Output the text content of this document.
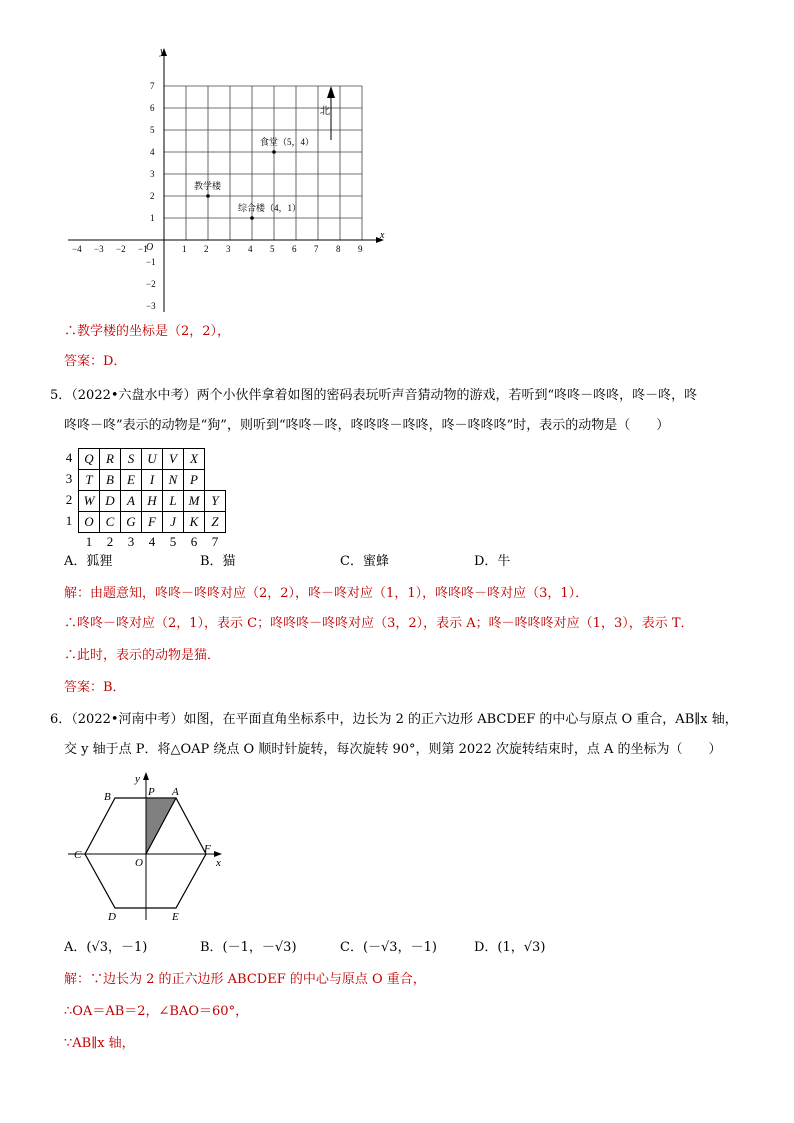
x
y
O
−4 −3 −2 −1	1 2 3 4 5 6 7 8 9
1
2
3
4
5
6
7
−1
−2
−3
北
教学楼
综合楼（4，1）
食堂（5，4）
∴教学楼的坐标是（2，2），
答案：D．
5．（2022•六盘水中考）两个小伙伴拿着如图的密码表玩听声音猜动物的游戏，若听到“咚咚－咚咚，咚－咚，咚
咚咚－咚”表示的动物是“狗”，则听到“咚咚－咚，咚咚咚－咚咚，咚－咚咚咚”时，表示的动物是（　　）
4
3
2
1
Q	R	S	U	V	X	
T	B	E	I	N	P	
W	D	A	H	L	M	Y
O	C	G	F	J	K	Z
1	2	3	4	5	6	7
A．狐狸	B．猫	C．蜜蜂	D．牛
解：由题意知，咚咚－咚咚对应（2，2），咚－咚对应（1，1），咚咚咚－咚对应（3，1）．
∴咚咚－咚对应（2，1），表示 C；咚咚咚－咚咚对应（3，2），表示 A；咚－咚咚咚对应（1，3），表示 T．
∴此时，表示的动物是猫．
答案：B．
6．（2022•河南中考）如图，在平面直角坐标系中，边长为 2 的正六边形 ABCDEF 的中心与原点 O 重合，AB∥x 轴，
交 y 轴于点 P．将△OAP 绕点 O 顺时针旋转，每次旋转 90°，则第 2022 次旋转结束时，点 A 的坐标为（　　）
y
x
B	P A
C	F
O
D	E
A．(√3，－1)	B．(－1，－√3)	C．(－√3，－1)	D．(1，√3)
解：∵边长为 2 的正六边形 ABCDEF 的中心与原点 O 重合，
∴OA＝AB＝2，∠BAO＝60°，
∵AB∥x 轴，
